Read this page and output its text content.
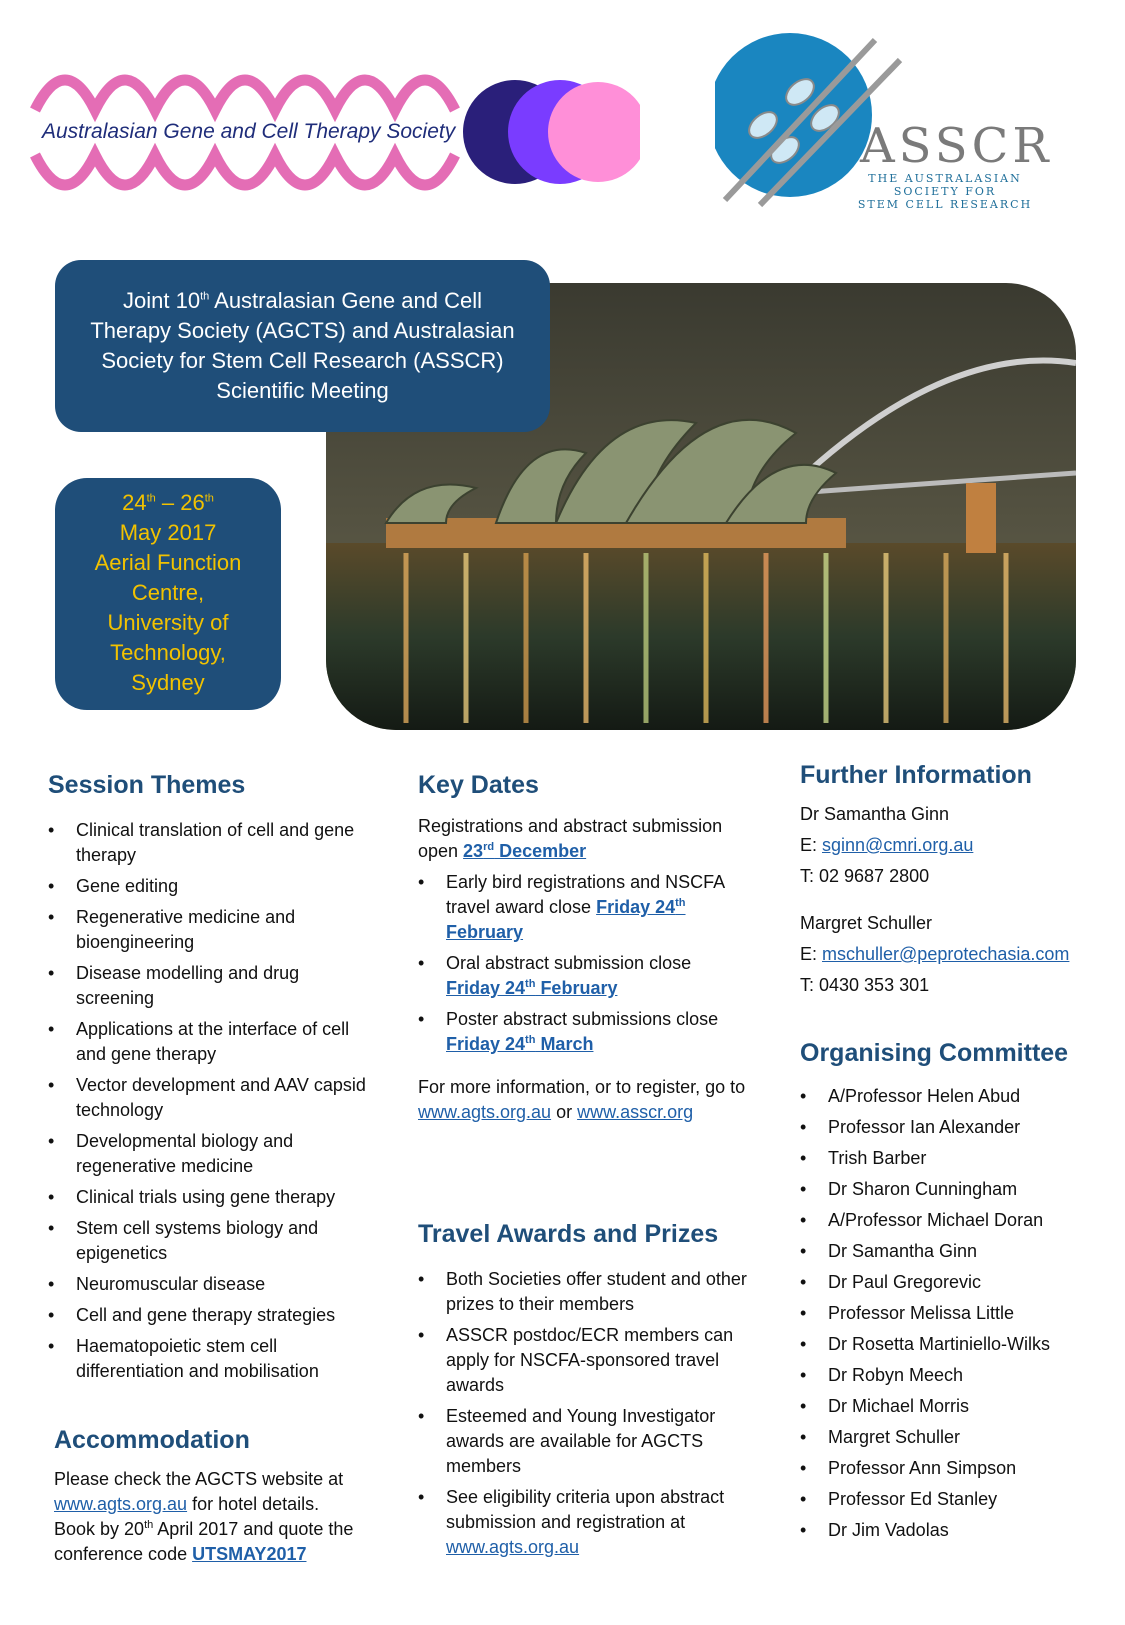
Australasian Gene and Cell Therapy Society	ASSCR
THE AUSTRALASIAN
SOCIETY FOR
STEM CELL RESEARCH
Joint 10th Australasian Gene and Cell Therapy Society (AGCTS) and Australasian Society for Stem Cell Research (ASSCR) Scientific Meeting
24th – 26th
May 2017
Aerial Function
Centre,
University of
Technology,
Sydney
Session Themes
• Clinical translation of cell and gene therapy
• Gene editing
• Regenerative medicine and bioengineering
• Disease modelling and drug screening
• Applications at the interface of cell and gene therapy
• Vector development and AAV capsid technology
• Developmental biology and regenerative medicine
• Clinical trials using gene therapy
• Stem cell systems biology and epigenetics
• Neuromuscular disease
• Cell and gene therapy strategies
• Haematopoietic stem cell differentiation and mobilisation
Accommodation

Please check the AGCTS website at www.agts.org.au for hotel details. Book by 20th April 2017 and quote the conference code UTSMAY2017

Key Dates

Registrations and abstract submission open 23rd December

• Early bird registrations and NSCFA travel award close Friday 24th February
• Oral abstract submission close Friday 24th February
• Poster abstract submissions close Friday 24th March

For more information, or to register, go to www.agts.org.au or www.asscr.org

Travel Awards and Prizes
• Both Societies offer student and other prizes to their members
• ASSCR postdoc/ECR members can apply for NSCFA-sponsored travel awards
• Esteemed and Young Investigator awards are available for AGCTS members
• See eligibility criteria upon abstract submission and registration at www.agts.org.au
Further Information

Dr Samantha Ginn

E: sginn@cmri.org.au

T: 02 9687 2800

Margret Schuller

E: mschuller@peprotechasia.com

T: 0430 353 301

Organising Committee
• A/Professor Helen Abud
• Professor Ian Alexander
• Trish Barber
• Dr Sharon Cunningham
• A/Professor Michael Doran
• Dr Samantha Ginn
• Dr Paul Gregorevic
• Professor Melissa Little
• Dr Rosetta Martiniello-Wilks
• Dr Robyn Meech
• Dr Michael Morris
• Margret Schuller
• Professor Ann Simpson
• Professor Ed Stanley
• Dr Jim Vadolas
